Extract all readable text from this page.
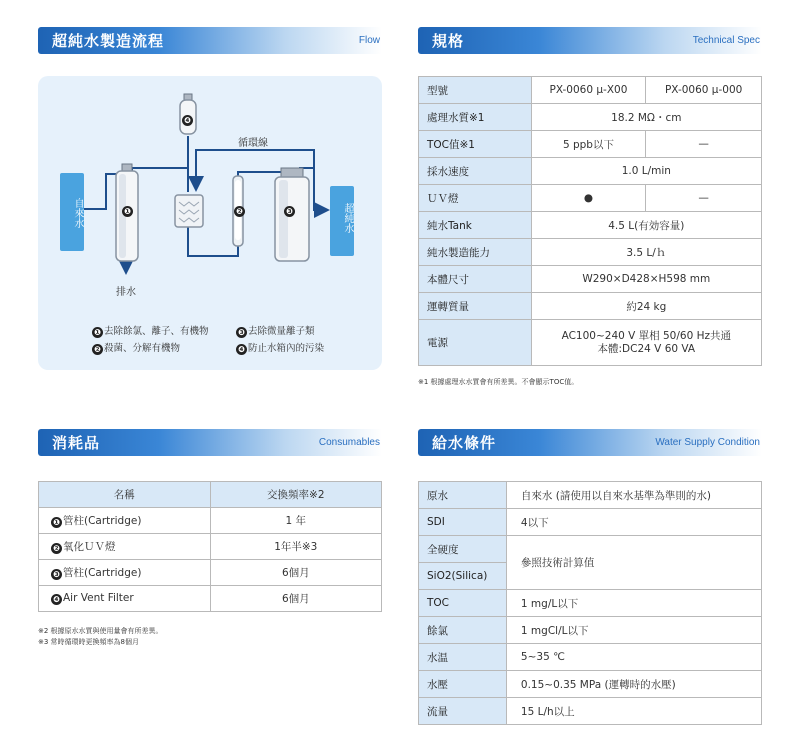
超純水製造流程	Flow
自來水	超純水
循環線
排水
❶	❷	❸
❹
❶ 去除餘氯、離子、有機物	❸ 去除微量離子類
❷ 殺菌、分解有機物	❹ 防止水箱內的污染
規格	Technical Spec
型號	PX-0060 μ-X00	PX-0060 μ-000
處理水質※1	18.2 MΩ・cm	
TOC值※1	5 ppb以下	—
採水速度	1.0 L/min	
ＵＶ燈	●	—
純水Tank	4.5 L(有効容量)	
純水製造能力	3.5 L/ｈ	
本體尺寸	W290×D428×H598 mm	
運轉質量	約24 kg	
電源	AC100~240 V 單相 50/60 Hz共通
本體:DC24 V 60 VA	
※1 根據處理水水質會有所差異。不會顯示TOC值。
消耗品	Consumables
名稱	交換頻率※2
❶ 管柱(Cartridge)	1 年
❷ 氧化ＵＶ燈	1年半※3
❸ 管柱(Cartridge)	6個月
❹ Air Vent Filter	6個月
※2 根據原水水質與使用量會有所差異。
※3 常時循環時更換頻率為8個月
給水條件	Water Supply Condition
原水	自來水 (請使用以自來水基準為準則的水)
SDI	4以下
全硬度	參照技術計算值
SiO2(Silica)	
TOC	1 mg/L以下
餘氯	1 mgCl/L以下
水温	5~35 ℃
水壓	0.15~0.35 MPa (運轉時的水壓)
流量	15 L/h以上
